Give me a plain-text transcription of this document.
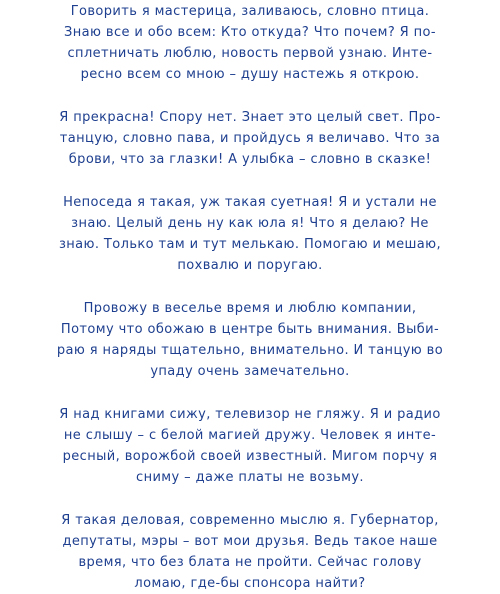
Говорить я мастерица, заливаюсь, словно птица.
Знаю все и обо всем: Кто откуда? Что почем? Я по-
сплетничать люблю, новость первой узнаю. Инте-
ресно всем со мною – душу настежь я открою.
Я прекрасна! Спору нет. Знает это целый свет. Про-
танцую, словно пава, и пройдусь я величаво. Что за
брови, что за глазки! А улыбка – словно в сказке!
Непоседа я такая, уж такая суетная! Я и устали не
знаю. Целый день ну как юла я! Что я делаю? Не
знаю. Только там и тут мелькаю. Помогаю и мешаю,
похвалю и поругаю.
Провожу в веселье время и люблю компании,
Потому что обожаю в центре быть внимания. Выби-
раю я наряды тщательно, внимательно. И танцую во
упаду очень замечательно.
Я над книгами сижу, телевизор не гляжу. Я и радио
не слышу – с белой магией дружу. Человек я инте-
ресный, ворожбой своей известный. Мигом порчу я
сниму – даже платы не возьму.
Я такая деловая, современно мыслю я. Губернатор,
депутаты, мэры – вот мои друзья. Ведь такое наше
время, что без блата не пройти. Сейчас голову
ломаю, где-бы спонсора найти?
